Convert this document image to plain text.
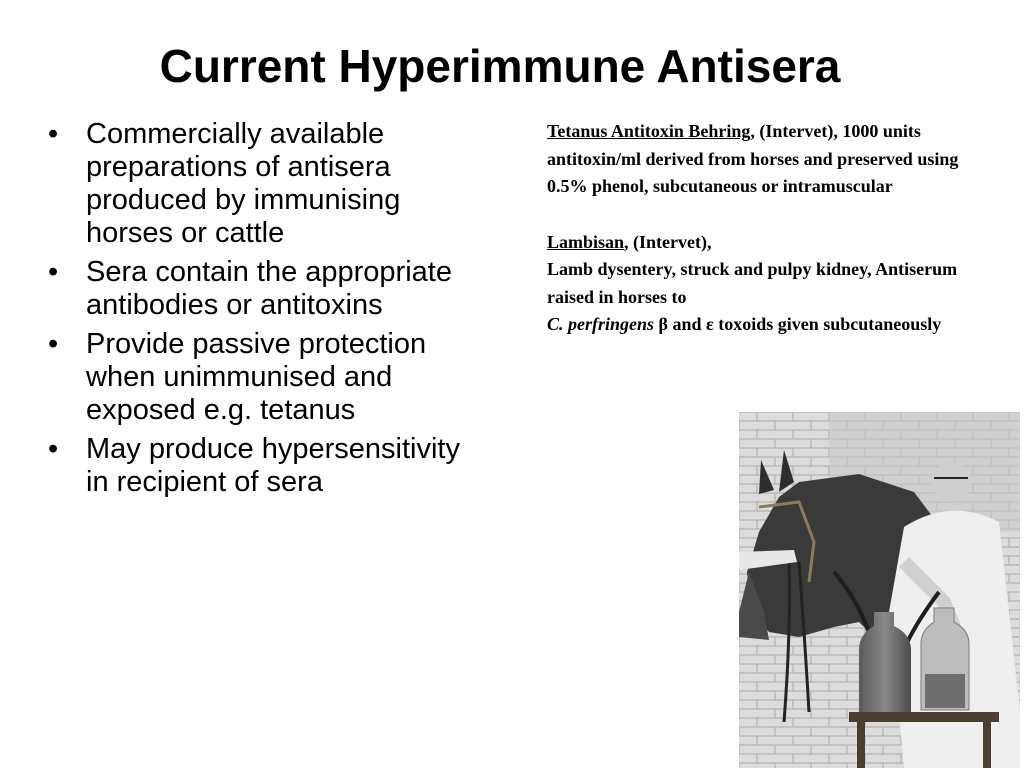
Current Hyperimmune Antisera
• Commercially available preparations of antisera produced by immunising horses or cattle
• Sera contain the appropriate antibodies or antitoxins
• Provide passive protection when unimmunised and exposed e.g. tetanus
• May produce hypersensitivity in recipient of sera
Tetanus Antitoxin Behring, (Intervet), 1000 units antitoxin/ml derived from horses and preserved using 0.5% phenol, subcutaneous or intramuscular
Lambisan, (Intervet),
Lamb dysentery, struck and pulpy kidney, Antiserum raised in horses to
C. perfringens β and ε toxoids given subcutaneously
